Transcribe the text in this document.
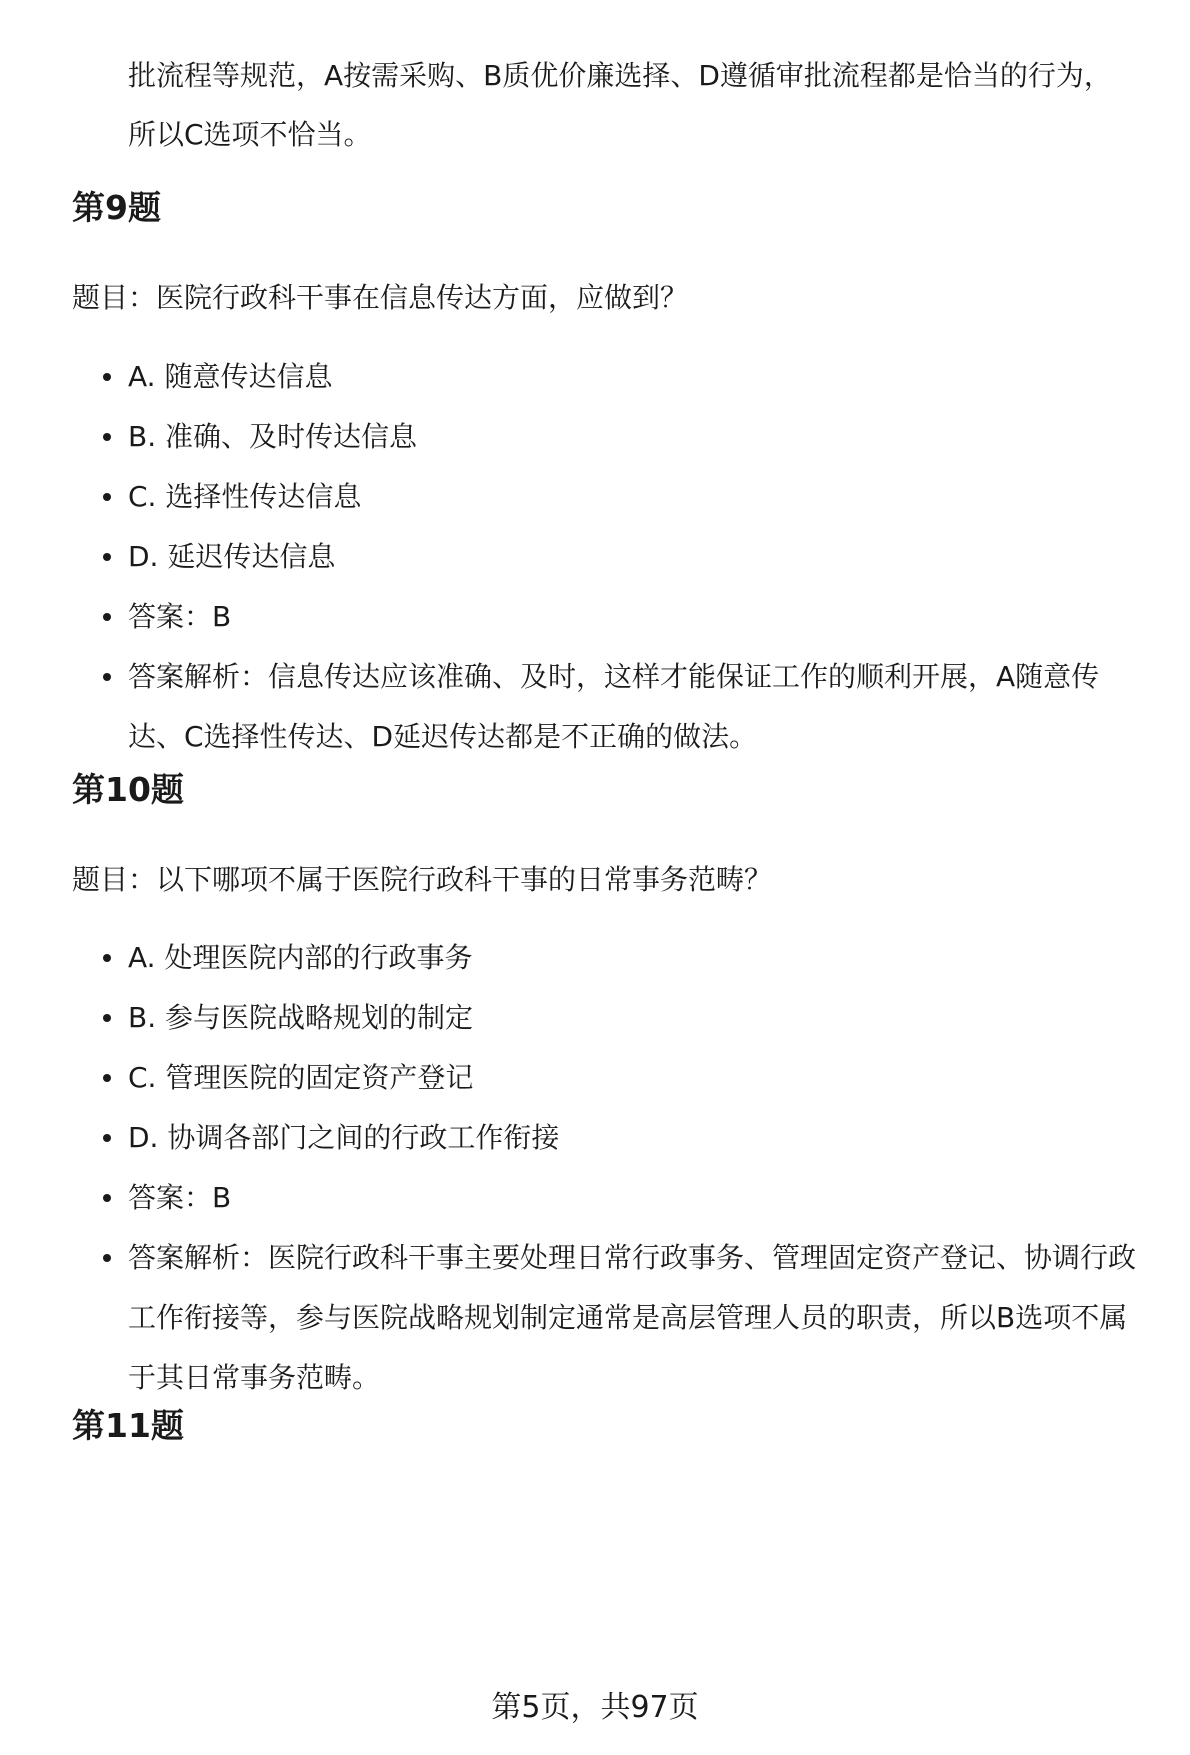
批流程等规范，A按需采购、B质优价廉选择、D遵循审批流程都是恰当的行为，所以C选项不恰当。

第9题

题目：医院行政科干事在信息传达方面，应做到？

A. 随意传达信息
B. 准确、及时传达信息
C. 选择性传达信息
D. 延迟传达信息
答案：B
答案解析：信息传达应该准确、及时，这样才能保证工作的顺利开展，A随意传达、C选择性传达、D延迟传达都是不正确的做法。
第10题

题目：以下哪项不属于医院行政科干事的日常事务范畴？

A. 处理医院内部的行政事务
B. 参与医院战略规划的制定
C. 管理医院的固定资产登记
D. 协调各部门之间的行政工作衔接
答案：B
答案解析：医院行政科干事主要处理日常行政事务、管理固定资产登记、协调行政工作衔接等，参与医院战略规划制定通常是高层管理人员的职责，所以B选项不属于其日常事务范畴。
第11题
第5页，共97页
